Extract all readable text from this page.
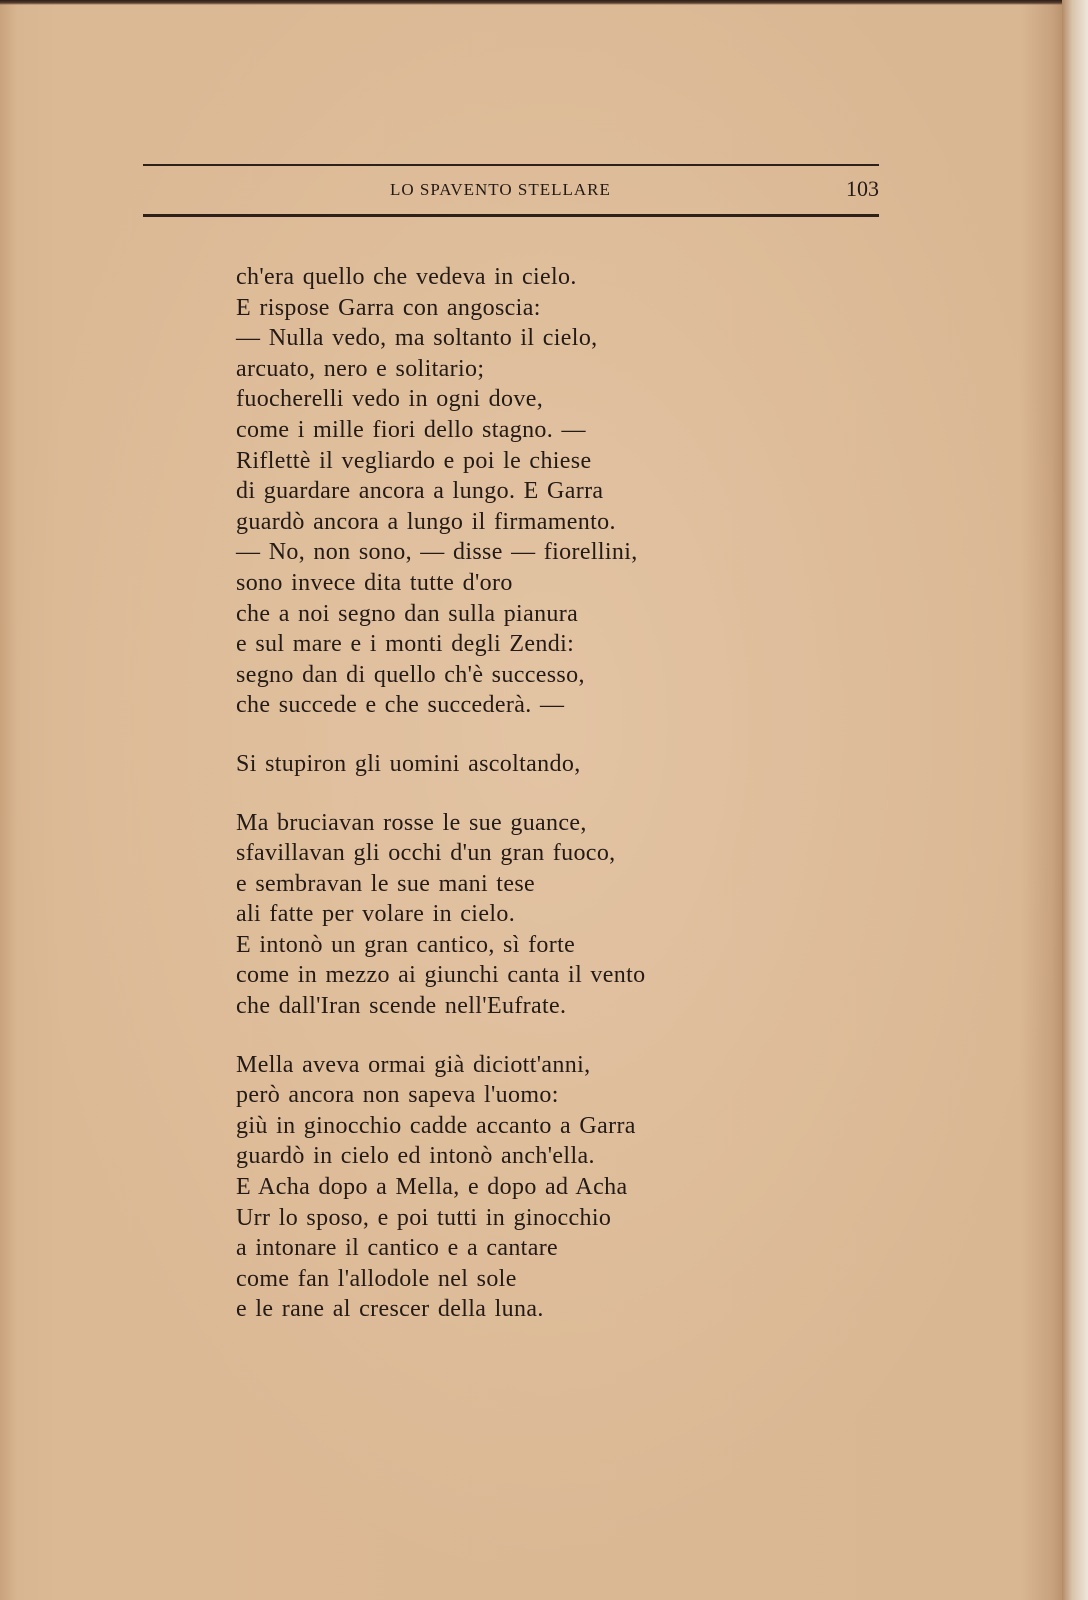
LO SPAVENTO STELLARE	103
ch'era quello che vedeva in cielo.
E rispose Garra con angoscia:
— Nulla vedo, ma soltanto il cielo,
arcuato, nero e solitario;
fuocherelli vedo in ogni dove,
come i mille fiori dello stagno. —
Riflettè il vegliardo e poi le chiese
di guardare ancora a lungo. E Garra
guardò ancora a lungo il firmamento.
— No, non sono, — disse — fiorellini,
sono invece dita tutte d'oro
che a noi segno dan sulla pianura
e sul mare e i monti degli Zendi:
segno dan di quello ch'è successo,
che succede e che succederà. —
Si stupiron gli uomini ascoltando,
Ma bruciavan rosse le sue guance,
sfavillavan gli occhi d'un gran fuoco,
e sembravan le sue mani tese
ali fatte per volare in cielo.
E intonò un gran cantico, sì forte
come in mezzo ai giunchi canta il vento
che dall'Iran scende nell'Eufrate.
Mella aveva ormai già diciott'anni,
però ancora non sapeva l'uomo:
giù in ginocchio cadde accanto a Garra
guardò in cielo ed intonò anch'ella.
E Acha dopo a Mella, e dopo ad Acha
Urr lo sposo, e poi tutti in ginocchio
a intonare il cantico e a cantare
come fan l'allodole nel sole
e le rane al crescer della luna.
